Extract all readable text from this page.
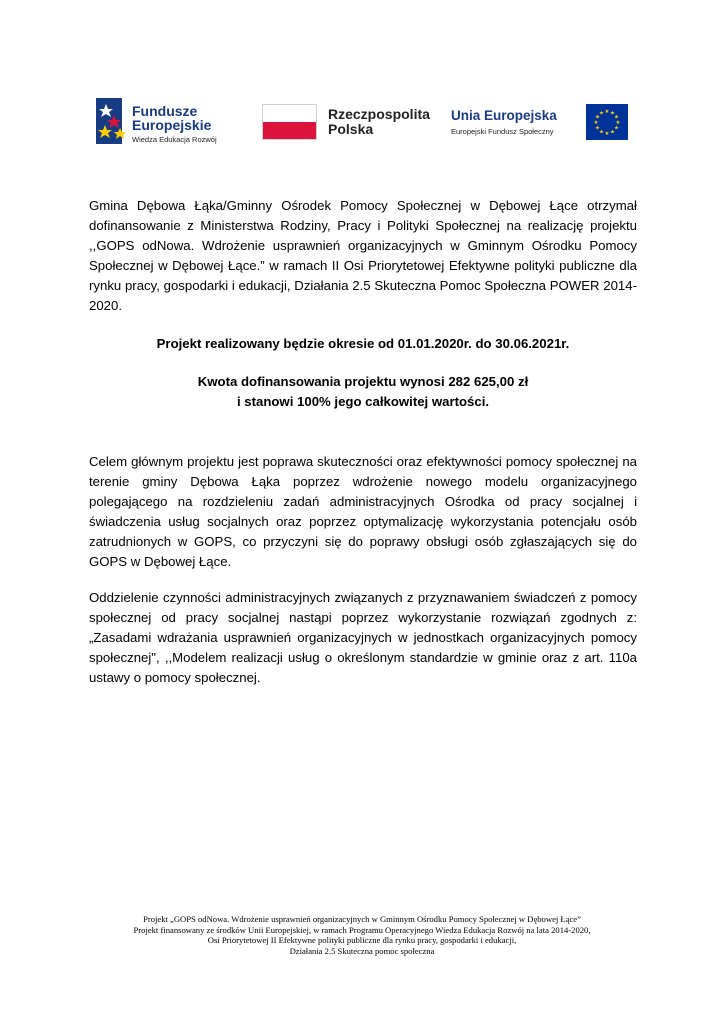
Fundusze
Europejskie
Wiedza Edukacja Rozwój
Rzeczpospolita
Polska
Unia Europejska
Europejski Fundusz Społeczny
★ ★
★
★
★
★
★
★
★
★
★
★

Gmina Dębowa Łąka/Gminny Ośrodek Pomocy Społecznej w Dębowej Łące otrzymał dofinansowanie z Ministerstwa Rodziny, Pracy i Polityki Społecznej na realizację projektu ,,GOPS odNowa. Wdrożenie usprawnień organizacyjnych w Gminnym Ośrodku Pomocy Społecznej w Dębowej Łące.” w ramach II Osi Priorytetowej Efektywne polityki publiczne dla rynku pracy, gospodarki i edukacji, Działania 2.5 Skuteczna Pomoc Społeczna POWER 2014-2020.

Projekt realizowany będzie okresie od 01.01.2020r. do 30.06.2021r.

Kwota dofinansowania projektu wynosi 282 625,00 zł

i stanowi 100% jego całkowitej wartości.

Celem głównym projektu jest poprawa skuteczności oraz efektywności pomocy społecznej na terenie gminy Dębowa Łąka poprzez wdrożenie nowego modelu organizacyjnego polegającego na rozdzieleniu zadań administracyjnych Ośrodka od pracy socjalnej i świadczenia usług socjalnych oraz poprzez optymalizację wykorzystania potencjału osób zatrudnionych w GOPS, co przyczyni się do poprawy obsługi osób zgłaszających się do GOPS w Dębowej Łące.

Oddzielenie czynności administracyjnych związanych z przyznawaniem świadczeń z pomocy społecznej od pracy socjalnej nastąpi poprzez wykorzystanie rozwiązań zgodnych z: „Zasadami wdrażania usprawnień organizacyjnych w jednostkach organizacyjnych pomocy społecznej", ,,Modelem realizacji usług o określonym standardzie w gminie oraz z art. 110a ustawy o pomocy społecznej.

Projekt „GOPS odNowa. Wdrożenie usprawnień organizacyjnych w Gminnym Ośrodku Pomocy Społecznej w Dębowej Łące”
Projekt finansowany ze środków Unii Europejskiej, w ramach Programu Operacyjnego Wiedza Edukacja Rozwój na lata 2014-2020,
Osi Priorytetowej II Efektywne polityki publiczne dla rynku pracy, gospodarki i edukacji,
Działania 2.5 Skuteczna pomoc społeczna
